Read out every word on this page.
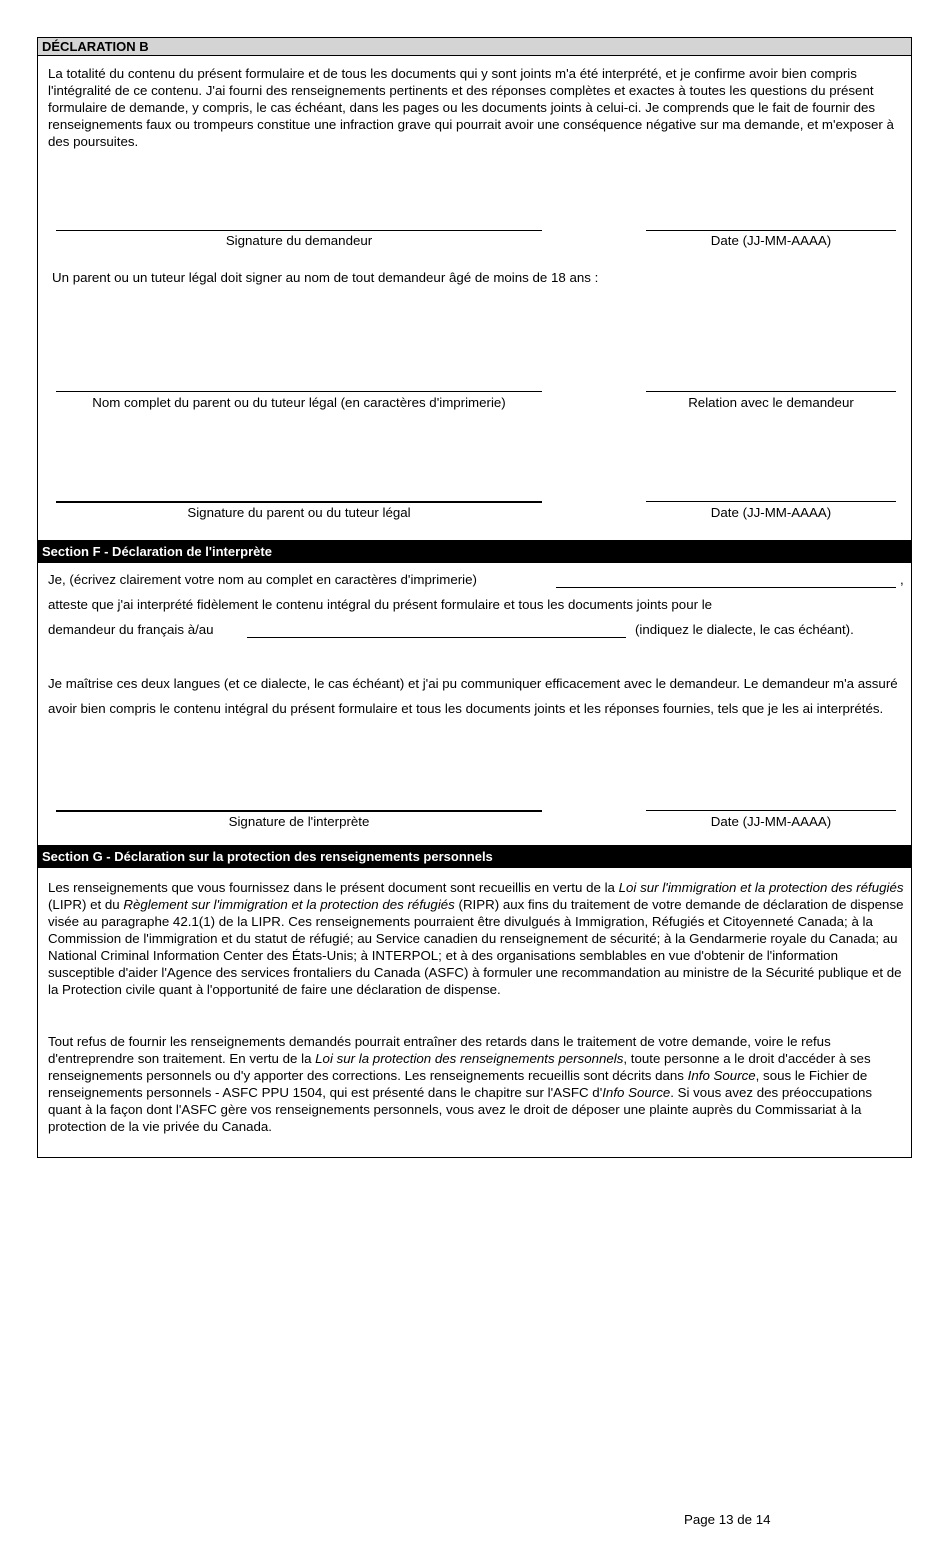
DÉCLARATION B

La totalité du contenu du présent formulaire et de tous les documents qui y sont joints m'a été interprété, et je confirme avoir bien compris l'intégralité de ce contenu. J'ai fourni des renseignements pertinents et des réponses complètes et exactes à toutes les questions du présent formulaire de demande, y compris, le cas échéant, dans les pages ou les documents joints à celui-ci. Je comprends que le fait de fournir des renseignements faux ou trompeurs constitue une infraction grave qui pourrait avoir une conséquence négative sur ma demande, et m'exposer à des poursuites.

Signature du demandeur	Date (JJ-MM-AAAA)
Un parent ou un tuteur légal doit signer au nom de tout demandeur âgé de moins de 18 ans :
Nom complet du parent ou du tuteur légal (en caractères d'imprimerie)	Relation avec le demandeur
Signature du parent ou du tuteur légal	Date (JJ-MM-AAAA)
Section F - Déclaration de l'interprète
Je, (écrivez clairement votre nom au complet en caractères d'imprimerie)	,
atteste que j'ai interprété fidèlement le contenu intégral du présent formulaire et tous les documents joints pour le
demandeur du français à/au	(indiquez le dialecte, le cas échéant).

Je maîtrise ces deux langues (et ce dialecte, le cas échéant) et j'ai pu communiquer efficacement avec le demandeur. Le demandeur m'a assuré avoir bien compris le contenu intégral du présent formulaire et tous les documents joints et les réponses fournies, tels que je les ai interprétés.

Signature de l'interprète	Date (JJ-MM-AAAA)
Section G - Déclaration sur la protection des renseignements personnels

Les renseignements que vous fournissez dans le présent document sont recueillis en vertu de la Loi sur l'immigration et la protection des réfugiés (LIPR) et du Règlement sur l'immigration et la protection des réfugiés (RIPR) aux fins du traitement de votre demande de déclaration de dispense visée au paragraphe 42.1(1) de la LIPR. Ces renseignements pourraient être divulgués à Immigration, Réfugiés et Citoyenneté Canada; à la Commission de l'immigration et du statut de réfugié; au Service canadien du renseignement de sécurité; à la Gendarmerie royale du Canada; au National Criminal Information Center des États-Unis; à INTERPOL; et à des organisations semblables en vue d'obtenir de l'information susceptible d'aider l'Agence des services frontaliers du Canada (ASFC) à formuler une recommandation au ministre de la Sécurité publique et de la Protection civile quant à l'opportunité de faire une déclaration de dispense.

Tout refus de fournir les renseignements demandés pourrait entraîner des retards dans le traitement de votre demande, voire le refus d'entreprendre son traitement. En vertu de la Loi sur la protection des renseignements personnels, toute personne a le droit d'accéder à ses renseignements personnels ou d'y apporter des corrections. Les renseignements recueillis sont décrits dans Info Source, sous le Fichier de renseignements personnels - ASFC PPU 1504, qui est présenté dans le chapitre sur l'ASFC d'Info Source. Si vous avez des préoccupations quant à la façon dont l'ASFC gère vos renseignements personnels, vous avez le droit de déposer une plainte auprès du Commissariat à la protection de la vie privée du Canada.

Page 13 de 14
